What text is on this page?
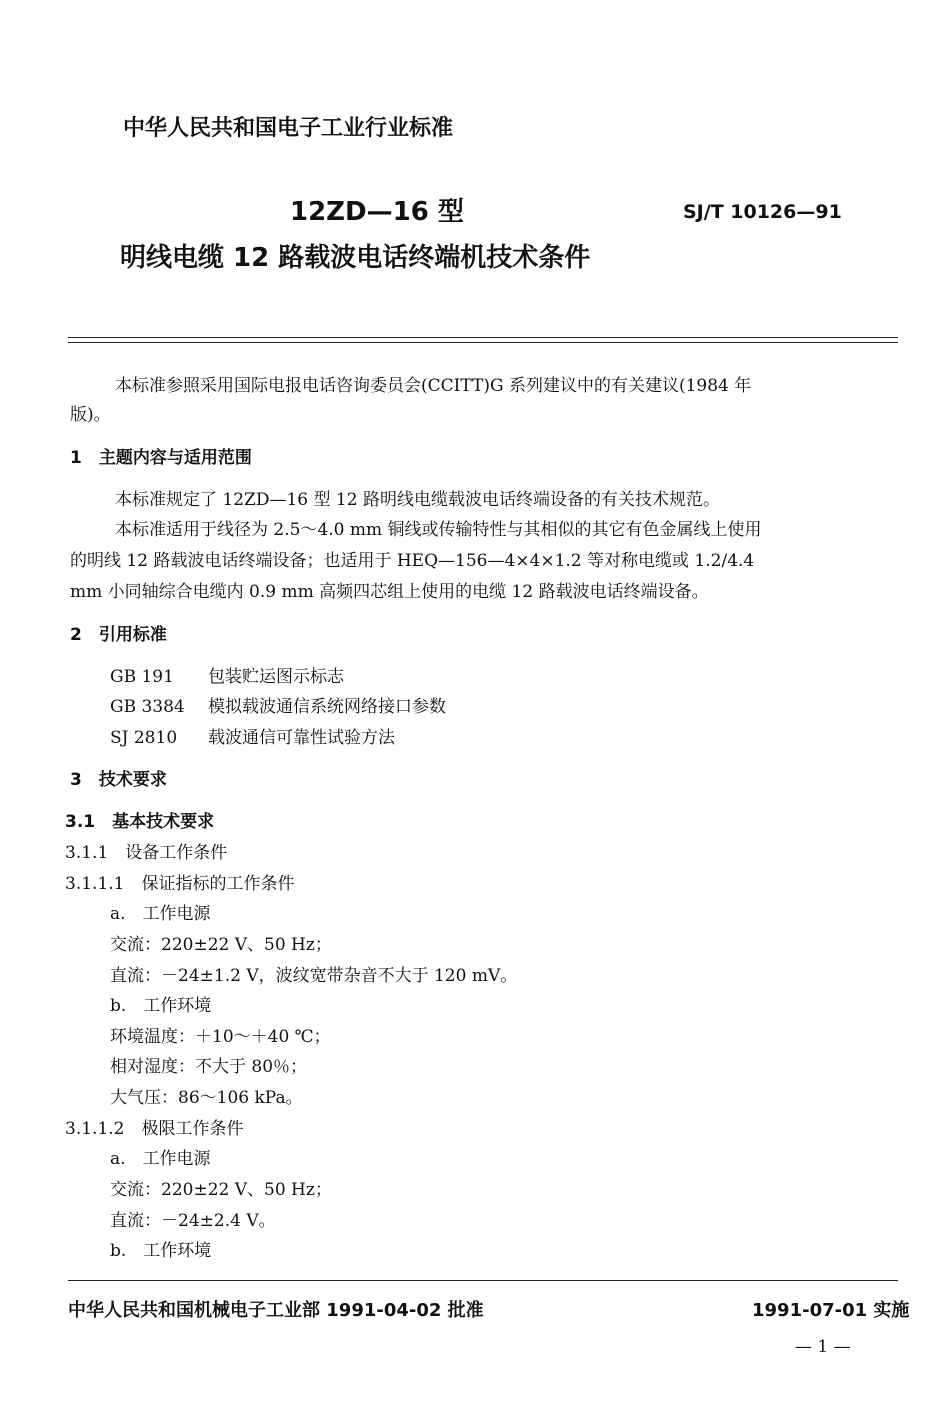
中华人民共和国电子工业行业标准
12ZD—16 型	SJ/T 10126—91
明线电缆 12 路载波电话终端机技术条件
本标准参照采用国际电报电话咨询委员会(CCITT)G 系列建议中的有关建议(1984 年
版)。
1　主题内容与适用范围
本标准规定了 12ZD—16 型 12 路明线电缆载波电话终端设备的有关技术规范。
本标准适用于线径为 2.5～4.0 mm 铜线或传输特性与其相似的其它有色金属线上使用
的明线 12 路载波电话终端设备；也适用于 HEQ—156—4×4×1.2 等对称电缆或 1.2/4.4
mm 小同轴综合电缆内 0.9 mm 高频四芯组上使用的电缆 12 路载波电话终端设备。
2　引用标准
GB 191 包装贮运图示标志
GB 3384 模拟载波通信系统网络接口参数
SJ 2810 载波通信可靠性试验方法
3　技术要求
3.1　基本技术要求
3.1.1　设备工作条件
3.1.1.1　保证指标的工作条件
a.　工作电源
交流：220±22 V、50 Hz；
直流：－24±1.2 V，波纹宽带杂音不大于 120 mV。
b.　工作环境
环境温度：＋10～＋40 ℃；
相对湿度：不大于 80％；
大气压：86～106 kPa。
3.1.1.2　极限工作条件
a.　工作电源
交流：220±22 V、50 Hz；
直流：－24±2.4 V。
b.　工作环境
中华人民共和国机械电子工业部 1991-04-02 批准	1991-07-01 实施
— 1 —
